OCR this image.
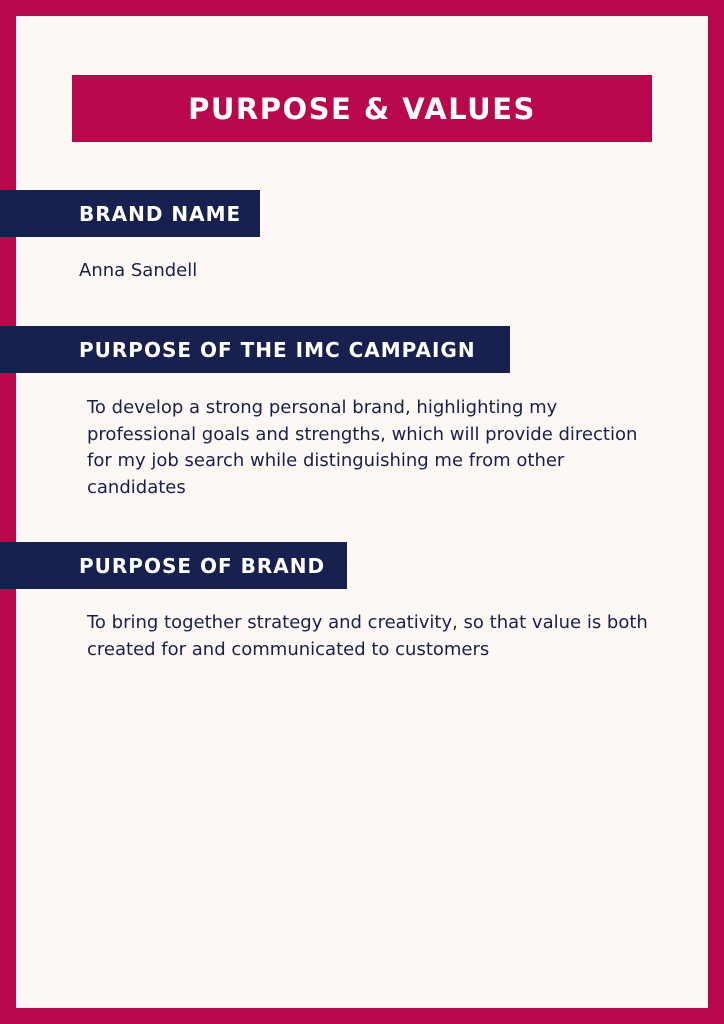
PURPOSE & VALUES
BRAND NAME

Anna Sandell

PURPOSE OF THE IMC CAMPAIGN

To develop a strong personal brand, highlighting my professional goals and strengths, which will provide direction for my job search while distinguishing me from other candidates

PURPOSE OF BRAND

To bring together strategy and creativity, so that value is both created for and communicated to customers
